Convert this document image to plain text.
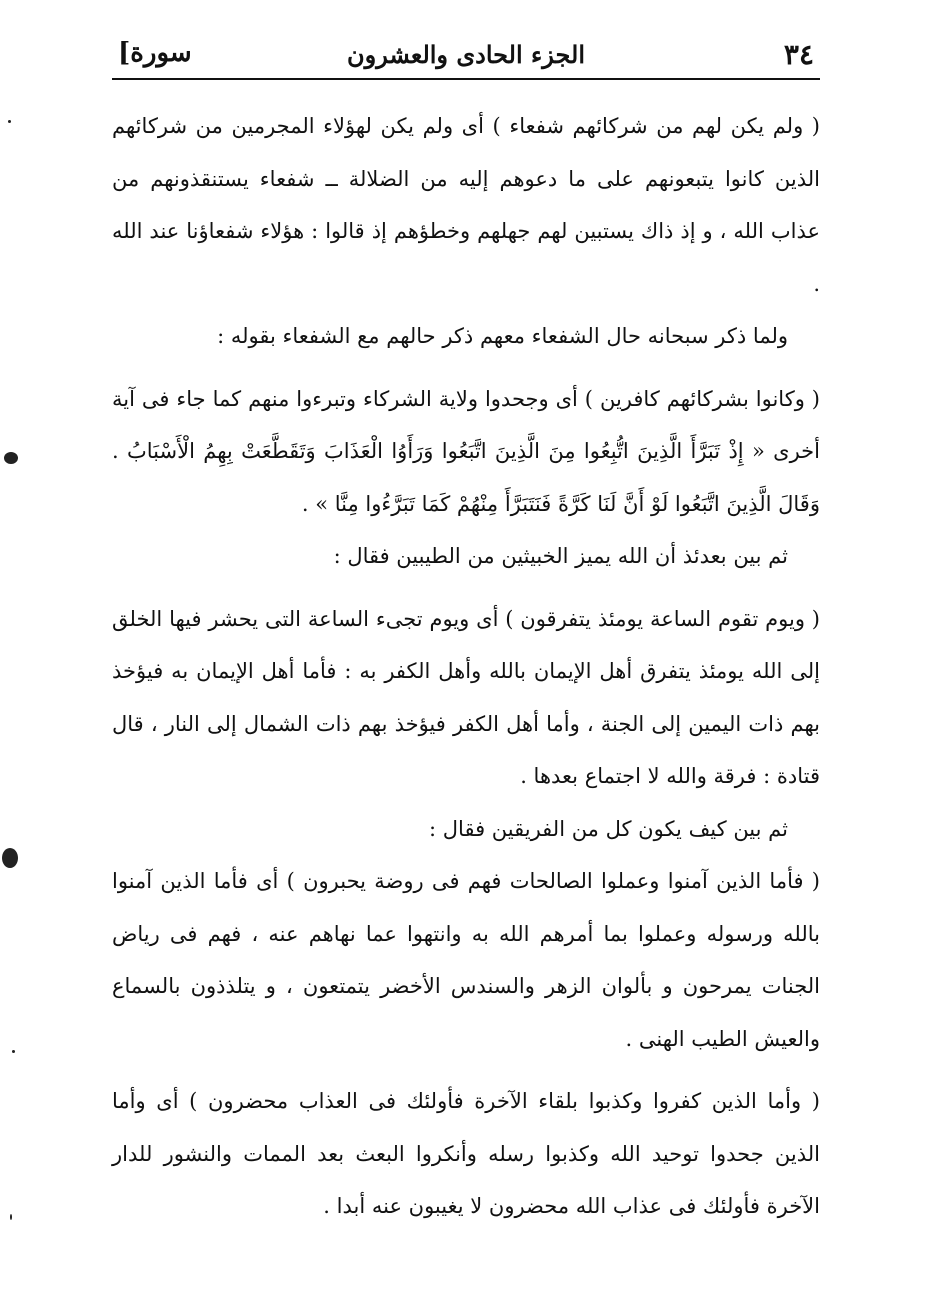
٣٤
الجزء الحادى والعشرون
سورة]

( ولم يكن لهم من شركائهم شفعاء ) أى ولم يكن لهؤلاء المجرمين من شركائهم الذين كانوا يتبعونهم على ما دعوهم إليه من الضلالة ــ شفعاء يستنقذونهم من عذاب الله ، و إذ ذاك يستبين لهم جهلهم وخطؤهم إذ قالوا : هؤلاء شفعاؤنا عند الله .

ولما ذكر سبحانه حال الشفعاء معهم ذكر حالهم مع الشفعاء بقوله :

( وكانوا بشركائهم كافرين ) أى وجحدوا ولاية الشركاء وتبرءوا منهم كما جاء فى آية أخرى « إِذْ تَبَرَّأَ الَّذِينَ اتُّبِعُوا مِنَ الَّذِينَ اتَّبَعُوا وَرَأَوُا الْعَذَابَ وَتَقَطَّعَتْ بِهِمُ الْأَسْبَابُ . وَقَالَ الَّذِينَ اتَّبَعُوا لَوْ أَنَّ لَنَا كَرَّةً فَنَتَبَرَّأَ مِنْهُمْ كَمَا تَبَرَّءُوا مِنَّا » .

ثم بين بعدئذ أن الله يميز الخبيثين من الطيبين فقال :

( ويوم تقوم الساعة يومئذ يتفرقون ) أى ويوم تجىء الساعة التى يحشر فيها الخلق إلى الله يومئذ يتفرق أهل الإيمان بالله وأهل الكفر به : فأما أهل الإيمان به فيؤخذ بهم ذات اليمين إلى الجنة ، وأما أهل الكفر فيؤخذ بهم ذات الشمال إلى النار ، قال قتادة : فرقة والله لا اجتماع بعدها .

ثم بين كيف يكون كل من الفريقين فقال :

( فأما الذين آمنوا وعملوا الصالحات فهم فى روضة يحبرون ) أى فأما الذين آمنوا بالله ورسوله وعملوا بما أمرهم الله به وانتهوا عما نهاهم عنه ، فهم فى رياض الجنات يمرحون و بألوان الزهر والسندس الأخضر يتمتعون ، و يتلذذون بالسماع والعيش الطيب الهنى .

( وأما الذين كفروا وكذبوا بلقاء الآخرة فأولئك فى العذاب محضرون ) أى وأما الذين جحدوا توحيد الله وكذبوا رسله وأنكروا البعث بعد الممات والنشور للدار الآخرة فأولئك فى عذاب الله محضرون لا يغيبون عنه أبدا .
